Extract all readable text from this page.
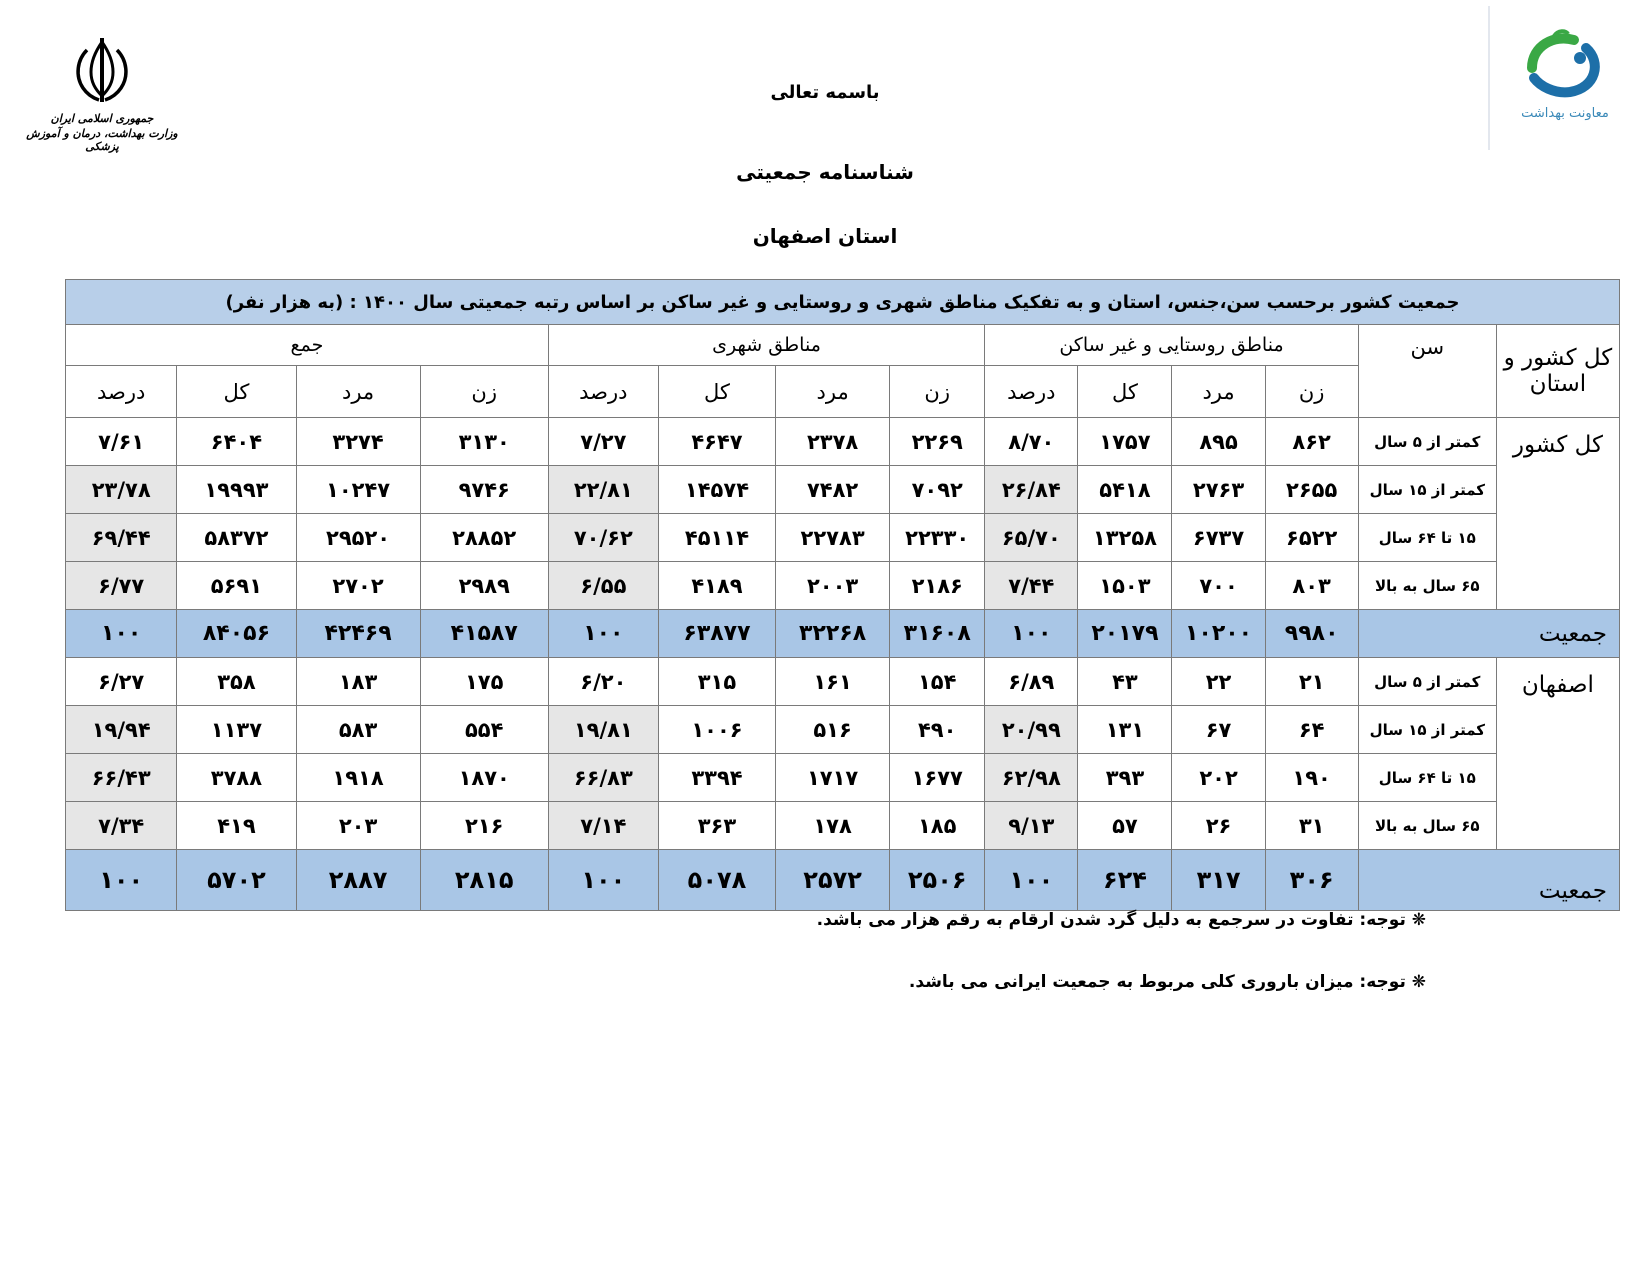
جمهوری اسلامی ایران
وزارت بهداشت، درمان و آموزش پزشکی
معاونت بهداشت
باسمه تعالی
شناسنامه جمعیتی
استان اصفهان
جمعیت کشور برحسب سن،جنس، استان و به تفکیک مناطق شهری و روستایی و غیر ساکن بر اساس رتبه جمعیتی سال ۱۴۰۰ : (به هزار نفر)													
کل کشور و استان	سن	مناطق روستایی و غیر ساکن				مناطق شهری				جمع			
		زن	مرد	کل	درصد	زن	مرد	کل	درصد	زن	مرد	کل	درصد
کل کشور	کمتر از ۵ سال	۸۶۲	۸۹۵	۱۷۵۷	۸/۷۰	۲۲۶۹	۲۳۷۸	۴۶۴۷	۷/۲۷	۳۱۳۰	۳۲۷۴	۶۴۰۴	۷/۶۱
	کمتر از ۱۵ سال	۲۶۵۵	۲۷۶۳	۵۴۱۸	۲۶/۸۴	۷۰۹۲	۷۴۸۲	۱۴۵۷۴	۲۲/۸۱	۹۷۴۶	۱۰۲۴۷	۱۹۹۹۳	۲۳/۷۸
	۱۵ تا ۶۴ سال	۶۵۲۲	۶۷۳۷	۱۳۲۵۸	۶۵/۷۰	۲۲۳۳۰	۲۲۷۸۳	۴۵۱۱۴	۷۰/۶۲	۲۸۸۵۲	۲۹۵۲۰	۵۸۳۷۲	۶۹/۴۴
	۶۵ سال به بالا	۸۰۳	۷۰۰	۱۵۰۳	۷/۴۴	۲۱۸۶	۲۰۰۳	۴۱۸۹	۶/۵۵	۲۹۸۹	۲۷۰۲	۵۶۹۱	۶/۷۷
جمعیت		۹۹۸۰	۱۰۲۰۰	۲۰۱۷۹	۱۰۰	۳۱۶۰۸	۳۲۲۶۸	۶۳۸۷۷	۱۰۰	۴۱۵۸۷	۴۲۴۶۹	۸۴۰۵۶	۱۰۰
اصفهان	کمتر از ۵ سال	۲۱	۲۲	۴۳	۶/۸۹	۱۵۴	۱۶۱	۳۱۵	۶/۲۰	۱۷۵	۱۸۳	۳۵۸	۶/۲۷
	کمتر از ۱۵ سال	۶۴	۶۷	۱۳۱	۲۰/۹۹	۴۹۰	۵۱۶	۱۰۰۶	۱۹/۸۱	۵۵۴	۵۸۳	۱۱۳۷	۱۹/۹۴
	۱۵ تا ۶۴ سال	۱۹۰	۲۰۲	۳۹۳	۶۲/۹۸	۱۶۷۷	۱۷۱۷	۳۳۹۴	۶۶/۸۳	۱۸۷۰	۱۹۱۸	۳۷۸۸	۶۶/۴۳
	۶۵ سال به بالا	۳۱	۲۶	۵۷	۹/۱۳	۱۸۵	۱۷۸	۳۶۳	۷/۱۴	۲۱۶	۲۰۳	۴۱۹	۷/۳۴
جمعیت		۳۰۶	۳۱۷	۶۲۴	۱۰۰	۲۵۰۶	۲۵۷۲	۵۰۷۸	۱۰۰	۲۸۱۵	۲۸۸۷	۵۷۰۲	۱۰۰
❋ توجه: تفاوت در سرجمع به دلیل گرد شدن ارقام به رقم هزار می باشد.
❋ توجه: میزان باروری کلی مربوط به جمعیت ایرانی می باشد.
